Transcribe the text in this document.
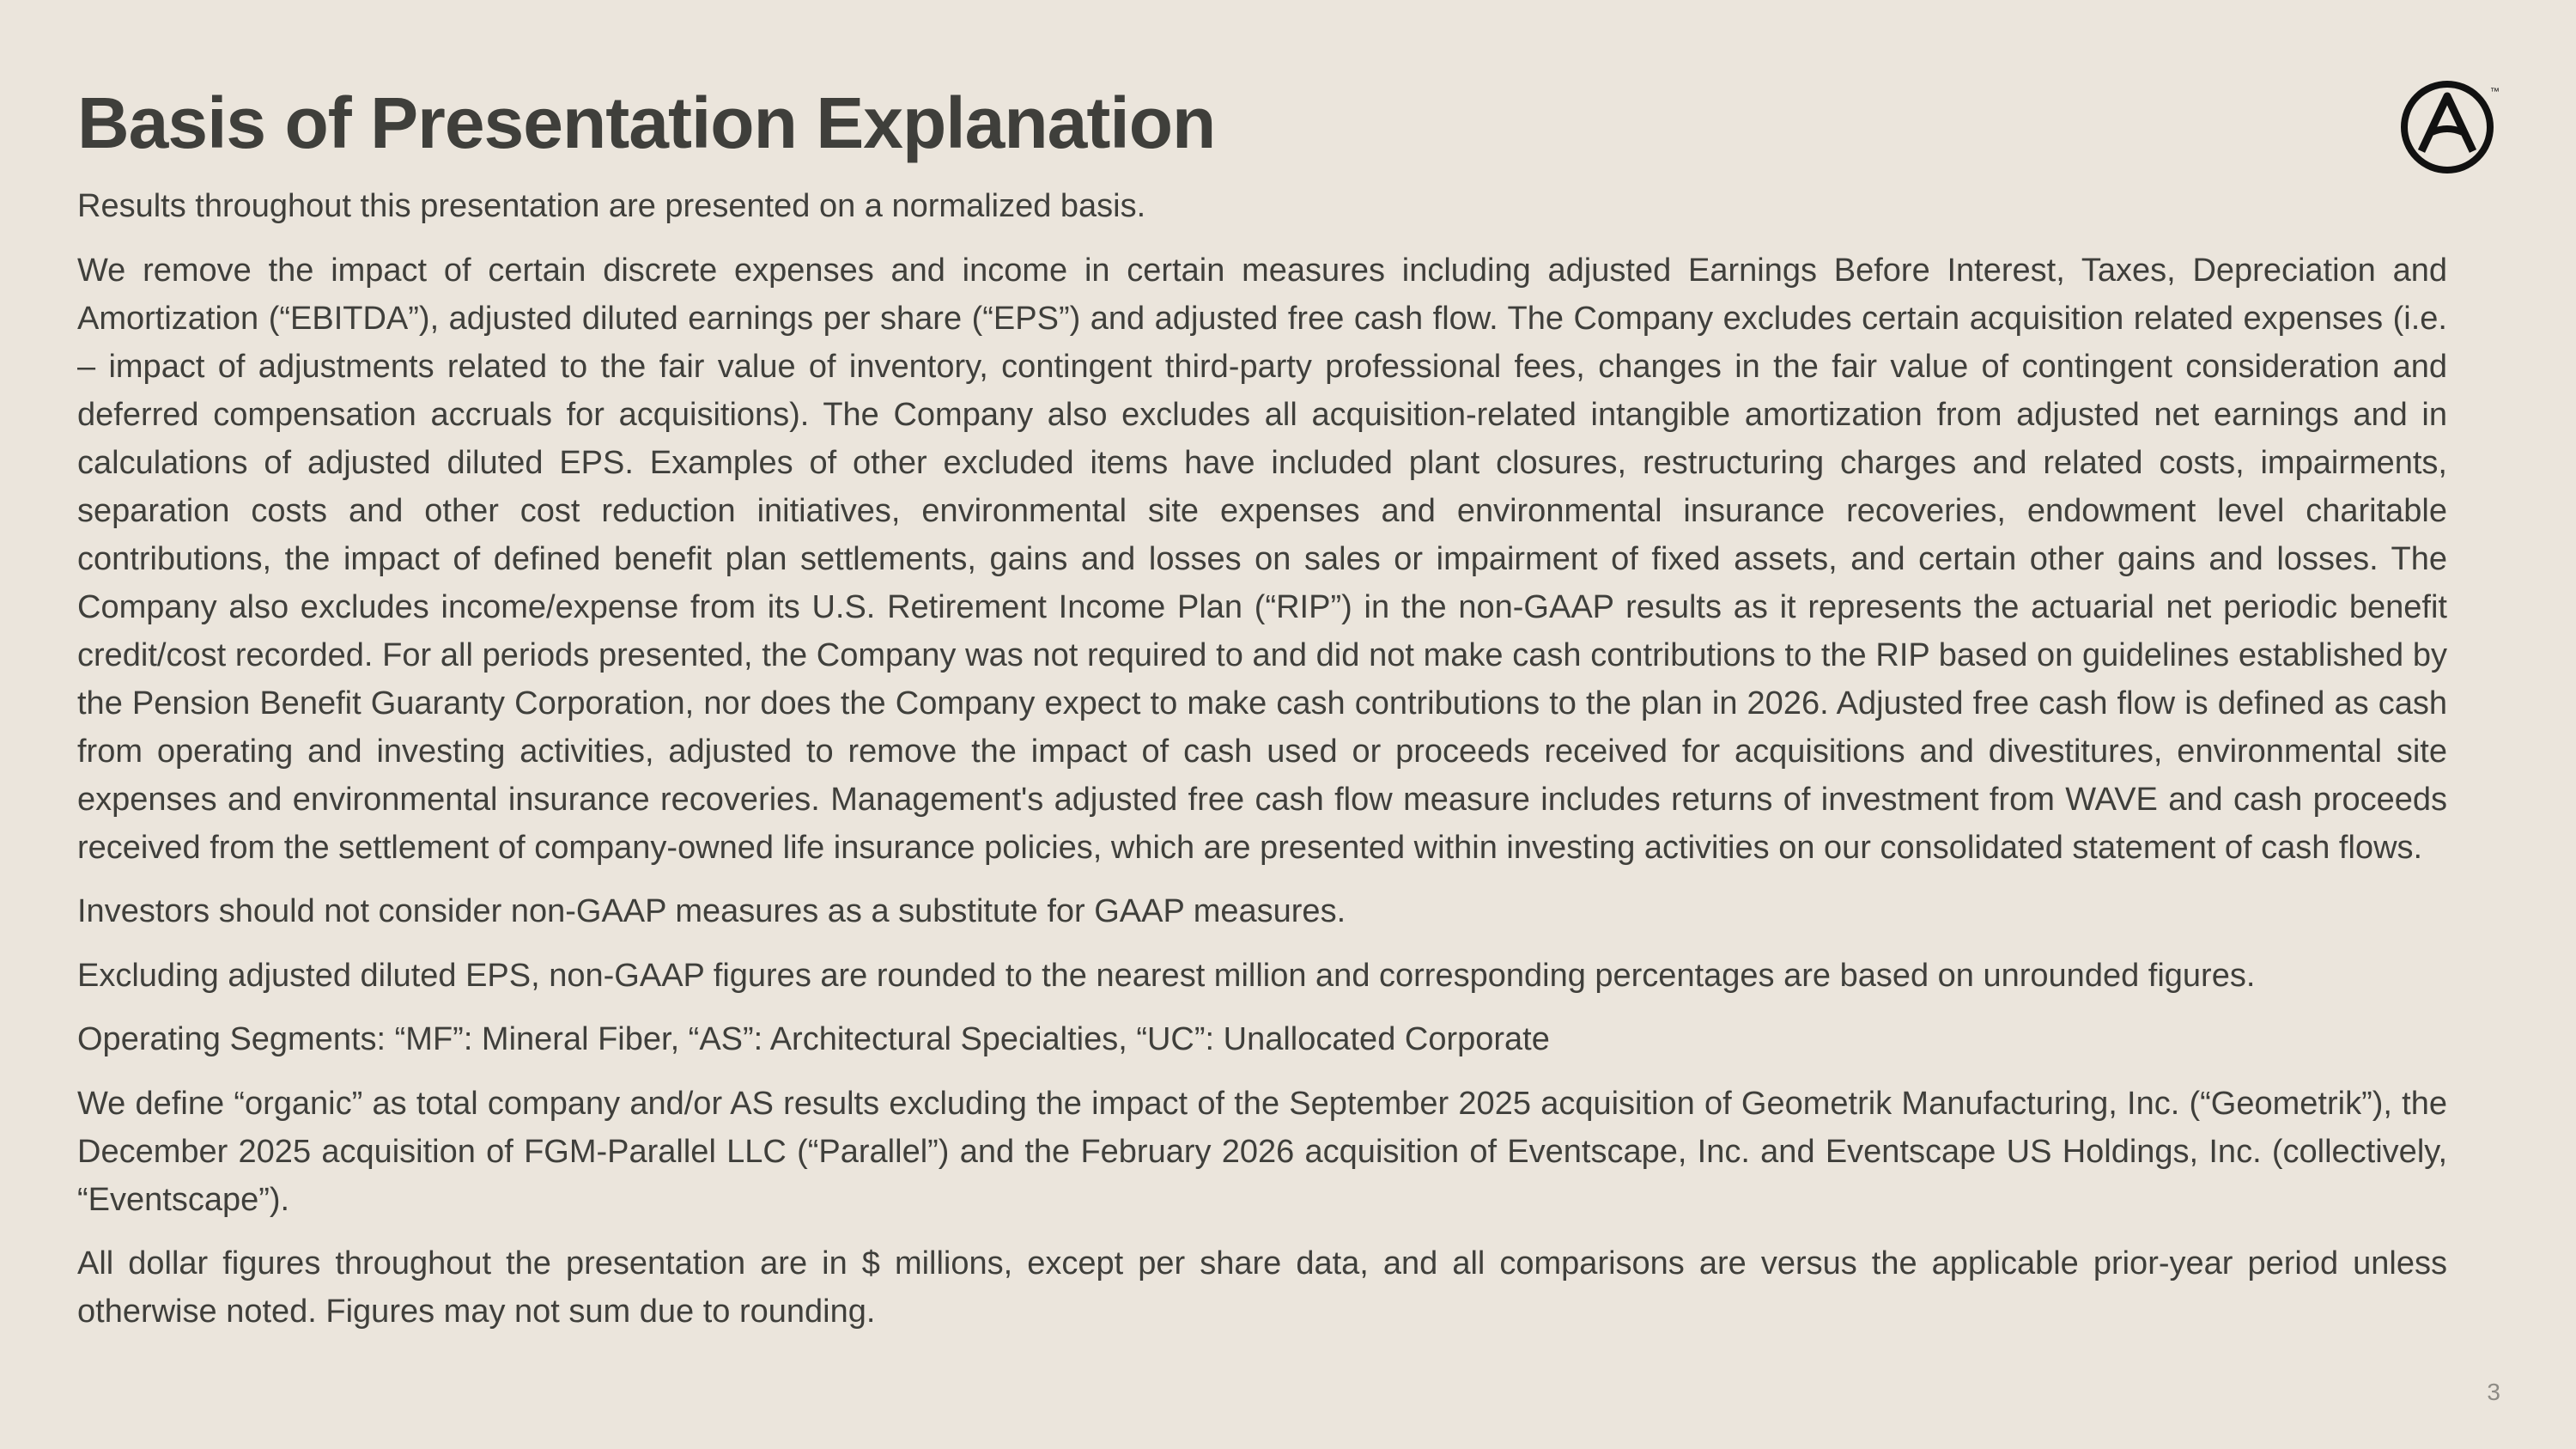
Basis of Presentation Explanation	™

Results throughout this presentation are presented on a normalized basis.

We remove the impact of certain discrete expenses and income in certain measures including adjusted Earnings Before Interest, Taxes, Depreciation and Amortization (“EBITDA”), adjusted diluted earnings per share (“EPS”) and adjusted free cash flow. The Company excludes certain acquisition related expenses (i.e. – impact of adjustments related to the fair value of inventory, contingent third-party professional fees, changes in the fair value of contingent consideration and deferred compensation accruals for acquisitions). The Company also excludes all acquisition-related intangible amortization from adjusted net earnings and in calculations of adjusted diluted EPS. Examples of other excluded items have included plant closures, restructuring charges and related costs, impairments, separation costs and other cost reduction initiatives, environmental site expenses and environmental insurance recoveries, endowment level charitable contributions, the impact of defined benefit plan settlements, gains and losses on sales or impairment of fixed assets, and certain other gains and losses. The Company also excludes income/expense from its U.S. Retirement Income Plan (“RIP”) in the non-GAAP results as it represents the actuarial net periodic benefit credit/cost recorded. For all periods presented, the Company was not required to and did not make cash contributions to the RIP based on guidelines established by the Pension Benefit Guaranty Corporation, nor does the Company expect to make cash contributions to the plan in 2026. Adjusted free cash flow is defined as cash from operating and investing activities, adjusted to remove the impact of cash used or proceeds received for acquisitions and divestitures, environmental site expenses and environmental insurance recoveries. Management's adjusted free cash flow measure includes returns of investment from WAVE and cash proceeds received from the settlement of company-owned life insurance policies, which are presented within investing activities on our consolidated statement of cash flows.

Investors should not consider non-GAAP measures as a substitute for GAAP measures.

Excluding adjusted diluted EPS, non-GAAP figures are rounded to the nearest million and corresponding percentages are based on unrounded figures.

Operating Segments: “MF”: Mineral Fiber, “AS”: Architectural Specialties, “UC”: Unallocated Corporate

We define “organic” as total company and/or AS results excluding the impact of the September 2025 acquisition of Geometrik Manufacturing, Inc. (“Geometrik”), the December 2025 acquisition of FGM-Parallel LLC (“Parallel”) and the February 2026 acquisition of Eventscape, Inc. and Eventscape US Holdings, Inc. (collectively, “Eventscape”).

All dollar figures throughout the presentation are in $ millions, except per share data, and all comparisons are versus the applicable prior-year period unless otherwise noted. Figures may not sum due to rounding.

3
